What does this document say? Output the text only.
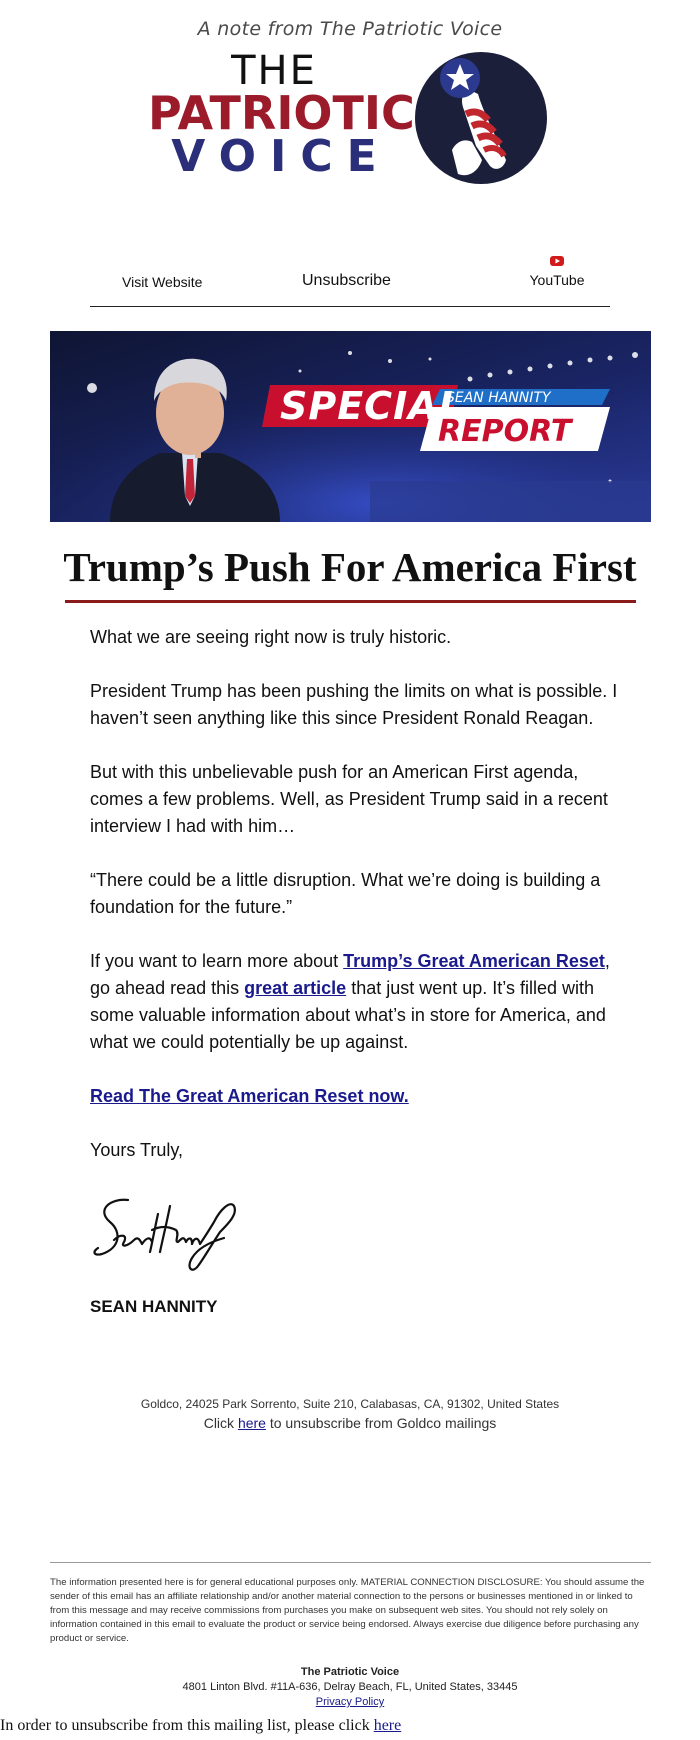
A note from The Patriotic Voice
THE
PATRIOTIC
VOICE
Visit Website	Unsubscribe	YouTube
SPECIAL
SEAN HANNITY
REPORT
Trump’s Push For America First
What we are seeing right now is truly historic.
President Trump has been pushing the limits on what is possible. I haven’t seen anything like this since President Ronald Reagan.
But with this unbelievable push for an American First agenda, comes a few problems. Well, as President Trump said in a recent interview I had with him…
“There could be a little disruption. What we’re doing is building a foundation for the future.”
If you want to learn more about Trump’s Great American Reset, go ahead read this great article that just went up. It’s filled with some valuable information about what’s in store for America, and what we could potentially be up against.
Read The Great American Reset now.
Yours Truly,
SEAN HANNITY
Goldco, 24025 Park Sorrento, Suite 210, Calabasas, CA, 91302, United States
Click here to unsubscribe from Goldco mailings
The information presented here is for general educational purposes only. MATERIAL CONNECTION DISCLOSURE: You should assume the sender of this email has an affiliate relationship and/or another material connection to the persons or businesses mentioned in or linked to from this message and may receive commissions from purchases you make on subsequent web sites. You should not rely solely on information contained in this email to evaluate the product or service being endorsed. Always exercise due diligence before purchasing any product or service.
The Patriotic Voice
4801 Linton Blvd. #11A-636, Delray Beach, FL, United States, 33445
Privacy Policy
In order to unsubscribe from this mailing list, please click here
